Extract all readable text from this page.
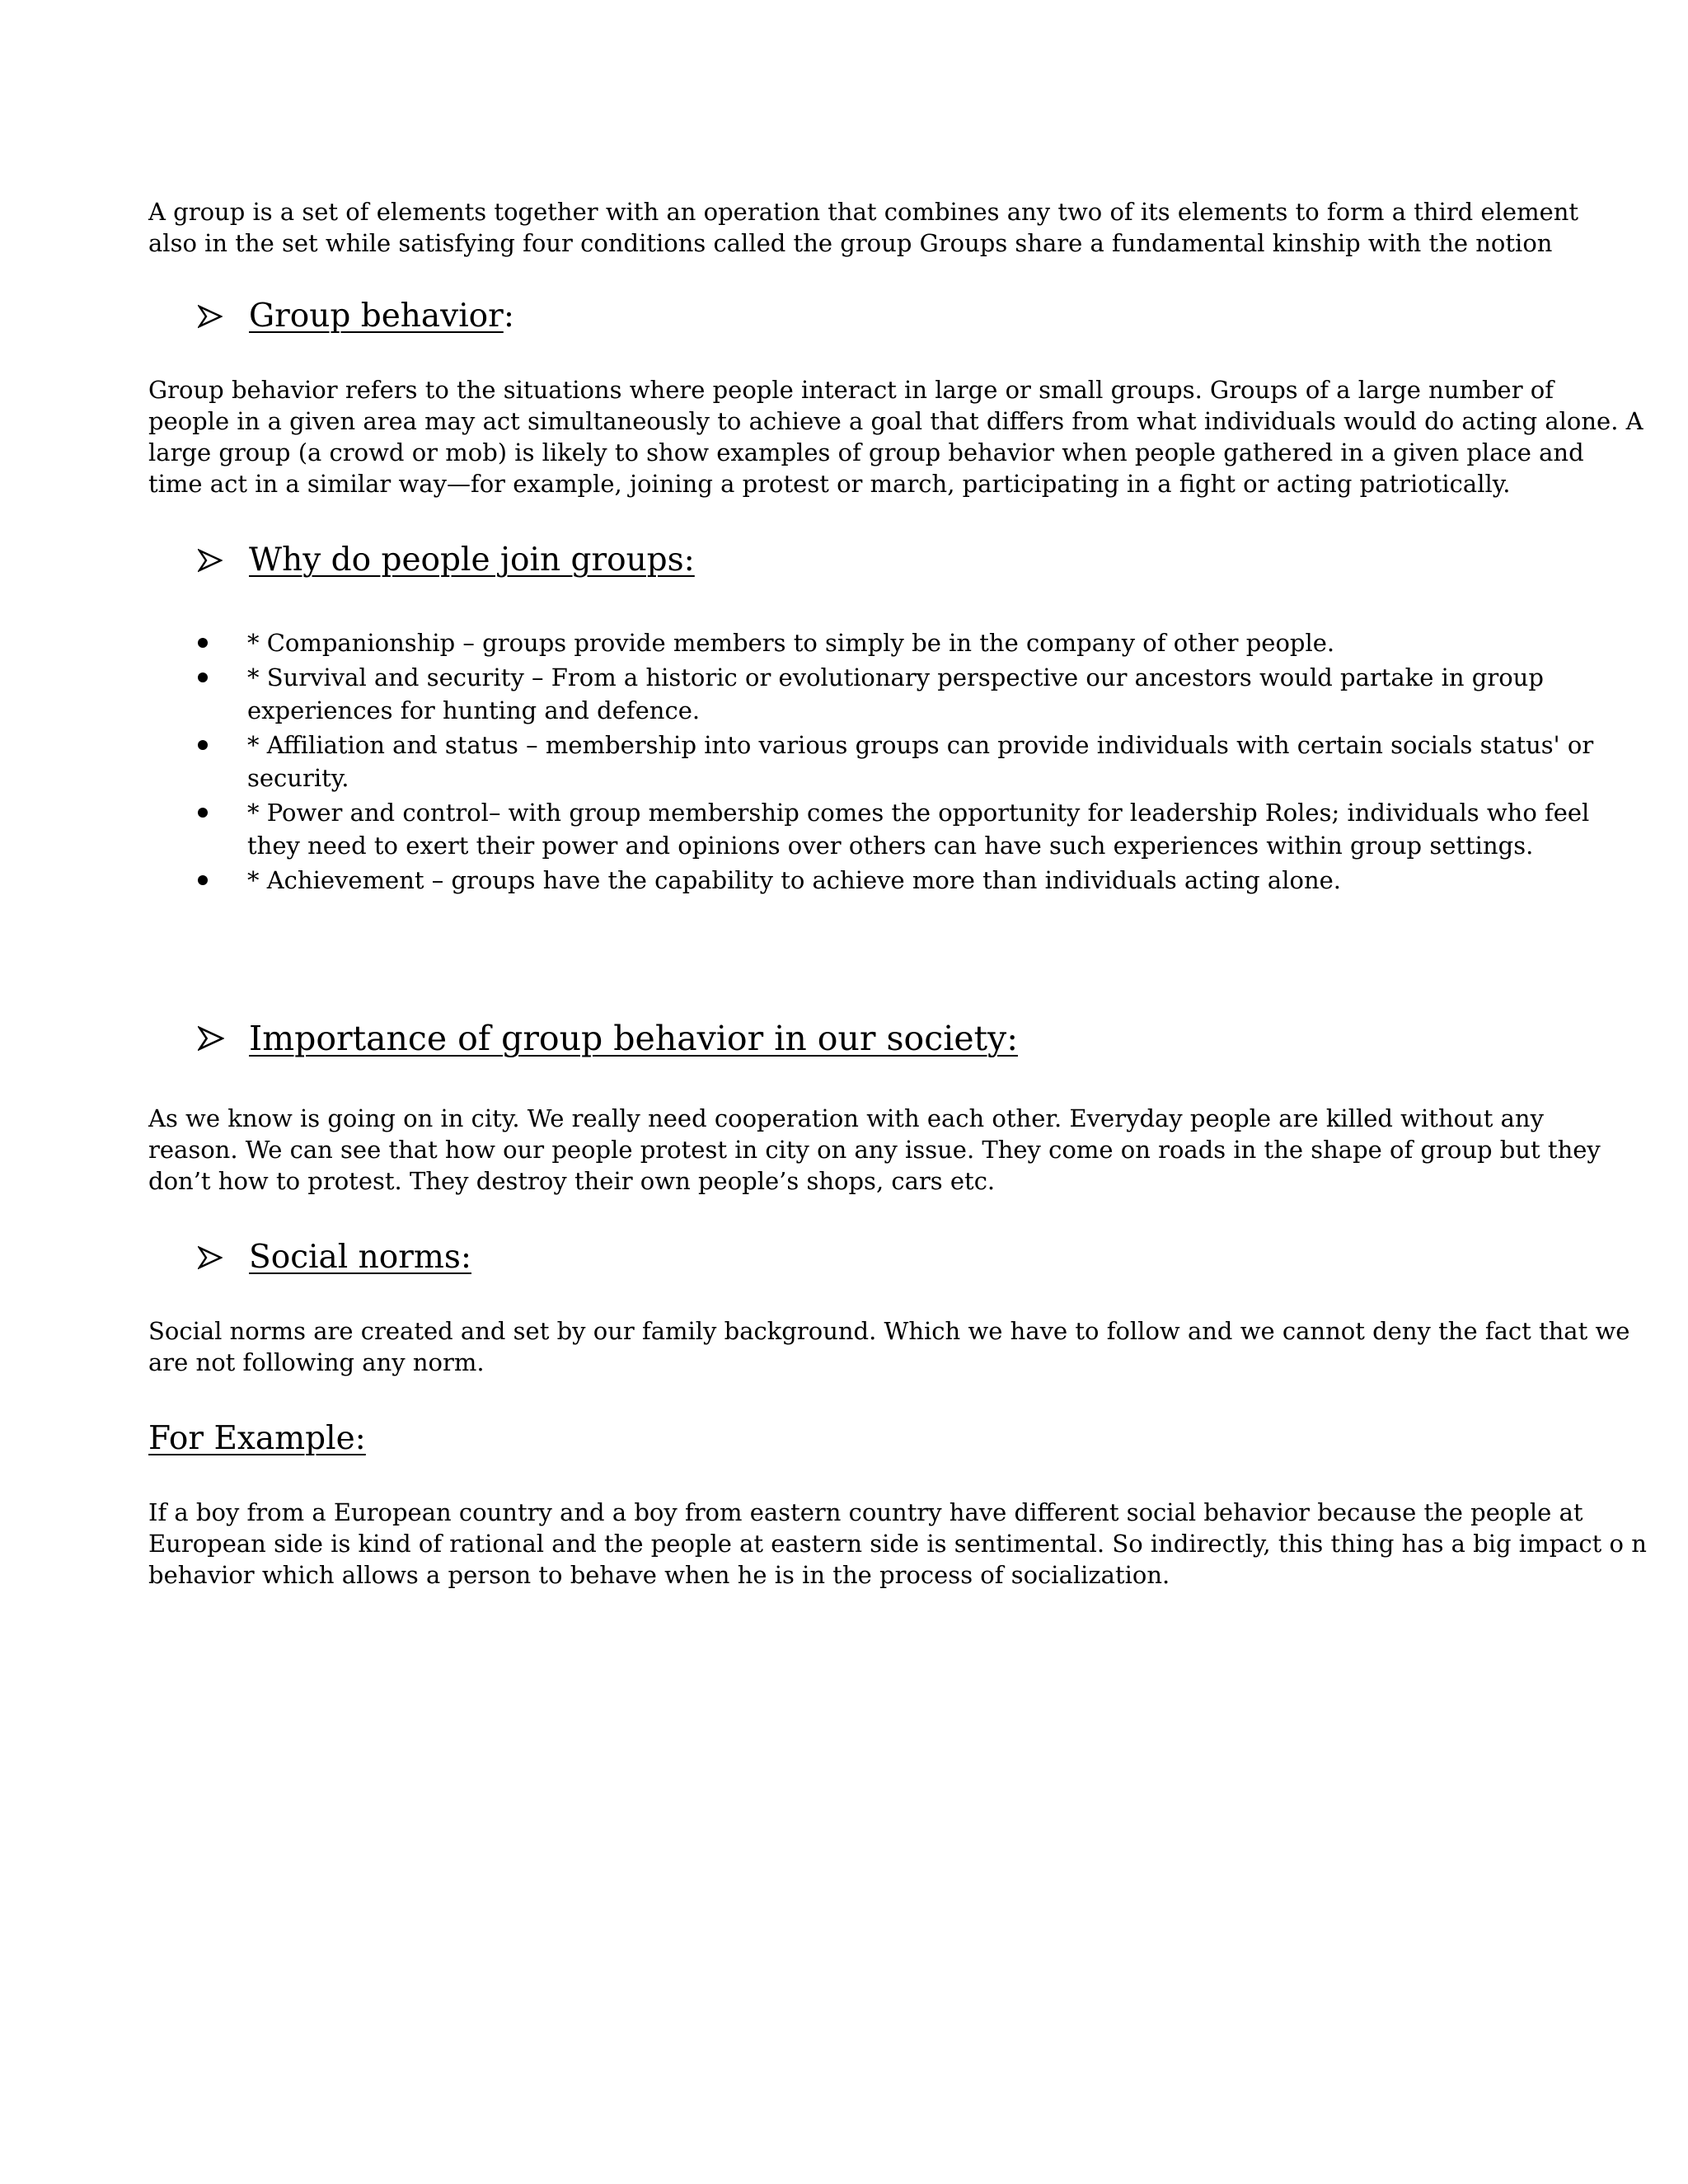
A group is a set of elements together with an operation that combines any two of its elements to form a third element
also in the set while satisfying four conditions called the group Groups share a fundamental kinship with the notion

Group behavior :

Group behavior refers to the situations where people interact in large or small groups. Groups of a large number of
people in a given area may act simultaneously to achieve a goal that differs from what individuals would do acting alone. A
large group (a crowd or mob) is likely to show examples of group behavior when people gathered in a given place and
time act in a similar way—for example, joining a protest or march, participating in a fight or acting patriotically.

Why do people join groups:
* Companionship – groups provide members to simply be in the company of other people.
* Survival and security – From a historic or evolutionary perspective our ancestors would partake in group
experiences for hunting and defence.
* Affiliation and status – membership into various groups can provide individuals with certain socials status' or
security.
* Power and control– with group membership comes the opportunity for leadership Roles; individuals who feel
they need to exert their power and opinions over others can have such experiences within group settings.
* Achievement – groups have the capability to achieve more than individuals acting alone.
Importance of group behavior in our society:

As we know is going on in city. We really need cooperation with each other. Everyday people are killed without any
reason. We can see that how our people protest in city on any issue. They come on roads in the shape of group but they
don’t how to protest. They destroy their own people’s shops, cars etc.

Social norms:

Social norms are created and set by our family background. Which we have to follow and we cannot deny the fact that we
are not following any norm.

For Example:

If a boy from a European country and a boy from eastern country have different social behavior because the people at
European side is kind of rational and the people at eastern side is sentimental. So indirectly, this thing has a big impact o n
behavior which allows a person to behave when he is in the process of socialization.
